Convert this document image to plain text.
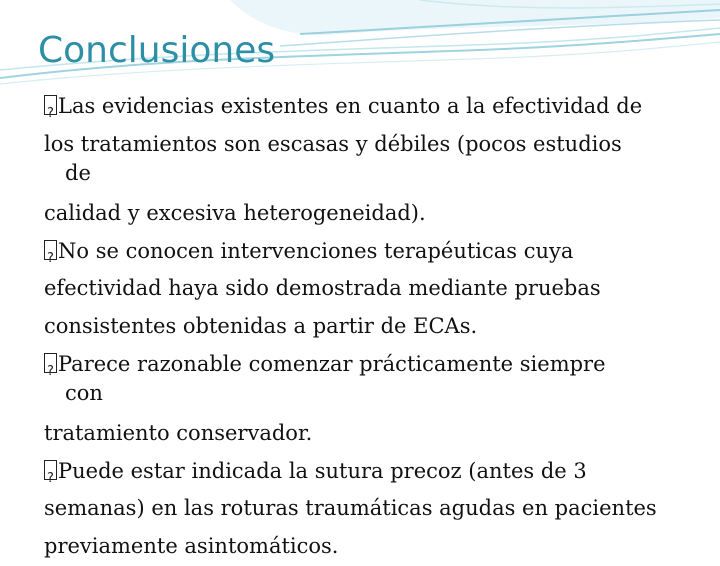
Conclusiones
?Las evidencias existentes en cuanto a la efectividad de
los tratamientos son escasas y débiles (pocos estudios
de
calidad y excesiva heterogeneidad).
?No se conocen intervenciones terapéuticas cuya
efectividad haya sido demostrada mediante pruebas
consistentes obtenidas a partir de ECAs.
?Parece razonable comenzar prácticamente siempre
con
tratamiento conservador.
?Puede estar indicada la sutura precoz (antes de 3
semanas) en las roturas traumáticas agudas en pacientes
previamente asintomáticos.
